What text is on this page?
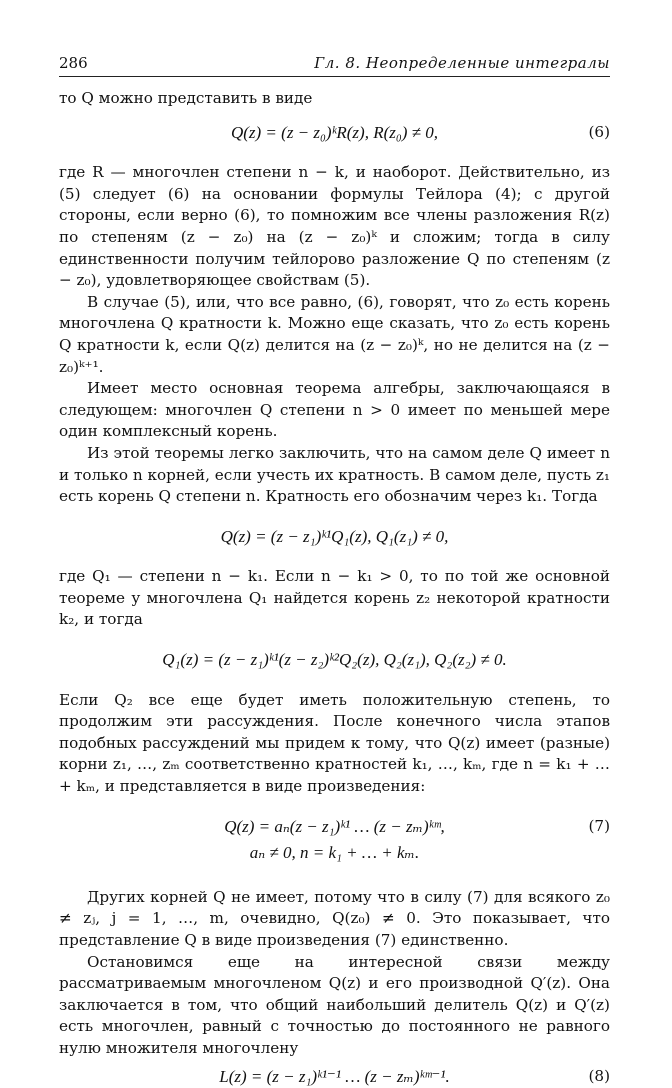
286	Гл. 8. Неопределенные интегралы

то Q можно представить в виде

Q(z) = (z − z₀)ᵏR(z), R(z₀) ≠ 0,	(6)

где R — многочлен степени n − k, и наоборот. Действительно, из (5) следует (6) на основании формулы Тейлора (4); с другой стороны, если верно (6), то помножим все члены разложения R(z) по степеням (z − z₀) на (z − z₀)ᵏ и сложим; тогда в силу единственности получим тейлорово разложение Q по степеням (z − z₀), удовлетворяющее свойствам (5).

В случае (5), или, что все равно, (6), говорят, что z₀ есть корень многочлена Q кратности k. Можно еще сказать, что z₀ есть корень Q кратности k, если Q(z) делится на (z − z₀)ᵏ, но не делится на (z − z₀)ᵏ⁺¹.

Имеет место основная теорема алгебры, заключающаяся в следующем: многочлен Q степени n > 0 имеет по меньшей мере один комплексный корень.

Из этой теоремы легко заключить, что на самом деле Q имеет n и только n корней, если учесть их кратность. В самом деле, пусть z₁ есть корень Q степени n. Кратность его обозначим через k₁. Тогда

Q(z) = (z − z₁)ᵏ¹Q₁(z), Q₁(z₁) ≠ 0,

где Q₁ — степени n − k₁. Если n − k₁ > 0, то по той же основной теореме у многочлена Q₁ найдется корень z₂ некоторой кратности k₂, и тогда

Q₁(z) = (z − z₁)ᵏ¹(z − z₂)ᵏ²Q₂(z), Q₂(z₁), Q₂(z₂) ≠ 0.

Если Q₂ все еще будет иметь положительную степень, то продолжим эти рассуждения. После конечного числа этапов подобных рассуждений мы придем к тому, что Q(z) имеет (разные) корни z₁, …, zₘ соответственно кратностей k₁, …, kₘ, где n = k₁ + … + kₘ, и представляется в виде произведения:

Q(z) = aₙ(z − z₁)ᵏ¹ … (z − zₘ)ᵏᵐ,	(7)
aₙ ≠ 0, n = k₁ + … + kₘ.

Других корней Q не имеет, потому что в силу (7) для всякого z₀ ≠ zⱼ, j = 1, …, m, очевидно, Q(z₀) ≠ 0. Это показывает, что представление Q в виде произведения (7) единственно.

Остановимся еще на интересной связи между рассматриваемым многочленом Q(z) и его производной Q′(z). Она заключается в том, что общий наибольший делитель Q(z) и Q′(z) есть многочлен, равный с точностью до постоянного не равного нулю множителя многочлену

L(z) = (z − z₁)ᵏ¹⁻¹ … (z − zₘ)ᵏᵐ⁻¹.	(8)
